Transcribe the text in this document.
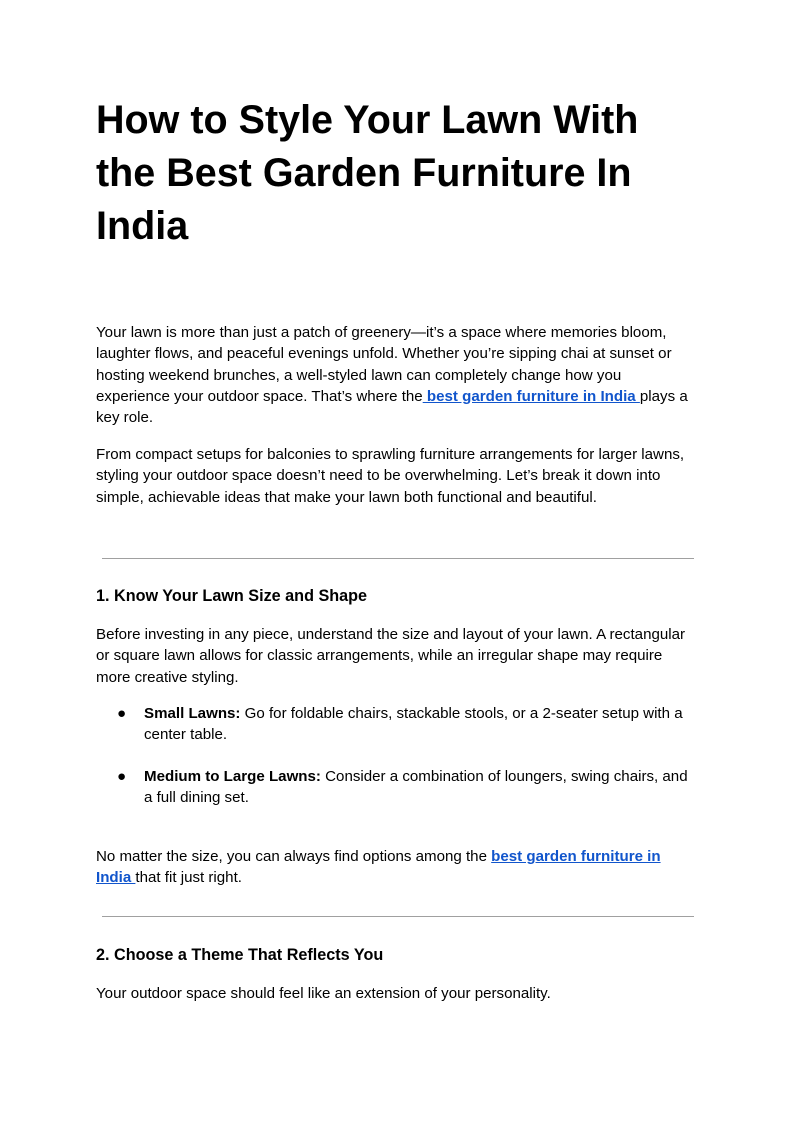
How to Style Your Lawn With the Best Garden Furniture In India

Your lawn is more than just a patch of greenery—it’s a space where memories bloom, laughter flows, and peaceful evenings unfold. Whether you’re sipping chai at sunset or hosting weekend brunches, a well-styled lawn can completely change how you experience your outdoor space. That’s where the best garden furniture in India plays a key role.

From compact setups for balconies to sprawling furniture arrangements for larger lawns, styling your outdoor space doesn’t need to be overwhelming. Let’s break it down into simple, achievable ideas that make your lawn both functional and beautiful.

1. Know Your Lawn Size and Shape

Before investing in any piece, understand the size and layout of your lawn. A rectangular or square lawn allows for classic arrangements, while an irregular shape may require more creative styling.

● Small Lawns: Go for foldable chairs, stackable stools, or a 2-seater setup with a center table.
● Medium to Large Lawns: Consider a combination of loungers, swing chairs, and a full dining set.

No matter the size, you can always find options among the best garden furniture in India that fit just right.

2. Choose a Theme That Reflects You

Your outdoor space should feel like an extension of your personality.
